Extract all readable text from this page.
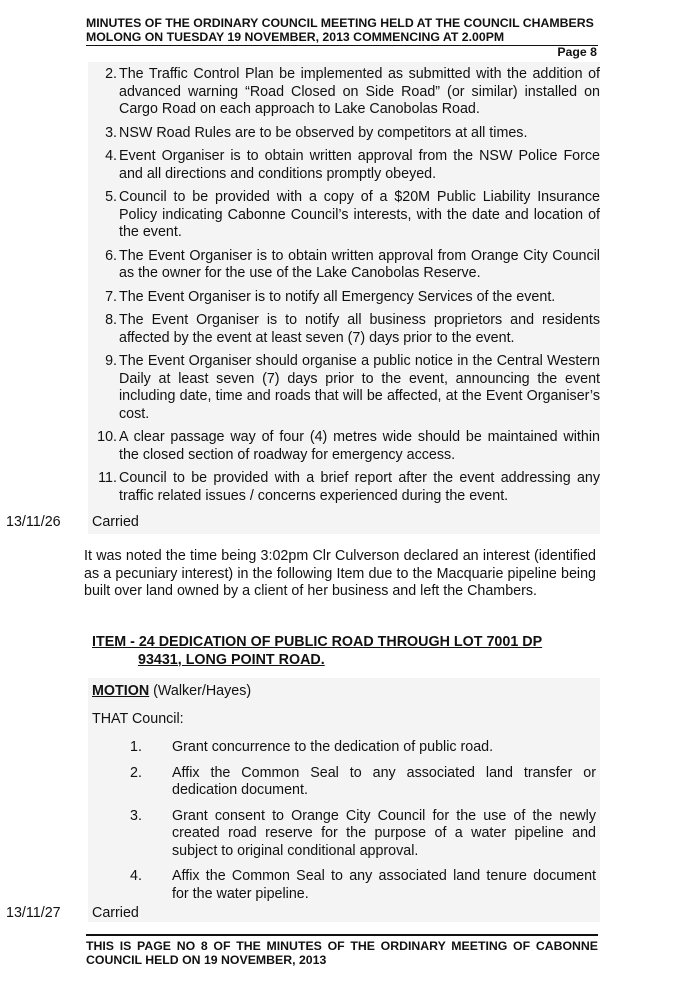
MINUTES OF THE ORDINARY COUNCIL MEETING HELD AT THE COUNCIL CHAMBERS
MOLONG ON TUESDAY 19 NOVEMBER, 2013 COMMENCING AT 2.00PM
Page 8
2. The Traffic Control Plan be implemented as submitted with the addition of advanced warning “Road Closed on Side Road” (or similar) installed on Cargo Road on each approach to Lake Canobolas Road.
3. NSW Road Rules are to be observed by competitors at all times.
4. Event Organiser is to obtain written approval from the NSW Police Force and all directions and conditions promptly obeyed.
5. Council to be provided with a copy of a $20M Public Liability Insurance Policy indicating Cabonne Council’s interests, with the date and location of the event.
6. The Event Organiser is to obtain written approval from Orange City Council as the owner for the use of the Lake Canobolas Reserve.
7. The Event Organiser is to notify all Emergency Services of the event.
8. The Event Organiser is to notify all business proprietors and residents affected by the event at least seven (7) days prior to the event.
9. The Event Organiser should organise a public notice in the Central Western Daily at least seven (7) days prior to the event, announcing the event including date, time and roads that will be affected, at the Event Organiser’s cost.
10. A clear passage way of four (4) metres wide should be maintained within the closed section of roadway for emergency access.
11. Council to be provided with a brief report after the event addressing any traffic related issues / concerns experienced during the event.
13/11/26 Carried
It was noted the time being 3:02pm Clr Culverson declared an interest (identified as a pecuniary interest) in the following Item due to the Macquarie pipeline being built over land owned by a client of her business and left the Chambers.
ITEM - 24 DEDICATION OF PUBLIC ROAD THROUGH LOT 7001 DP
93431, LONG POINT ROAD.
MOTION (Walker/Hayes)
THAT Council:
1.	Grant concurrence to the dedication of public road.
2.	Affix the Common Seal to any associated land transfer or dedication document.
3.	Grant consent to Orange City Council for the use of the newly created road reserve for the purpose of a water pipeline and subject to original conditional approval.
4.	Affix the Common Seal to any associated land tenure document for the water pipeline.
13/11/27 Carried
THIS IS PAGE NO 8 OF THE MINUTES OF THE ORDINARY MEETING OF CABONNE COUNCIL HELD ON 19 NOVEMBER, 2013
